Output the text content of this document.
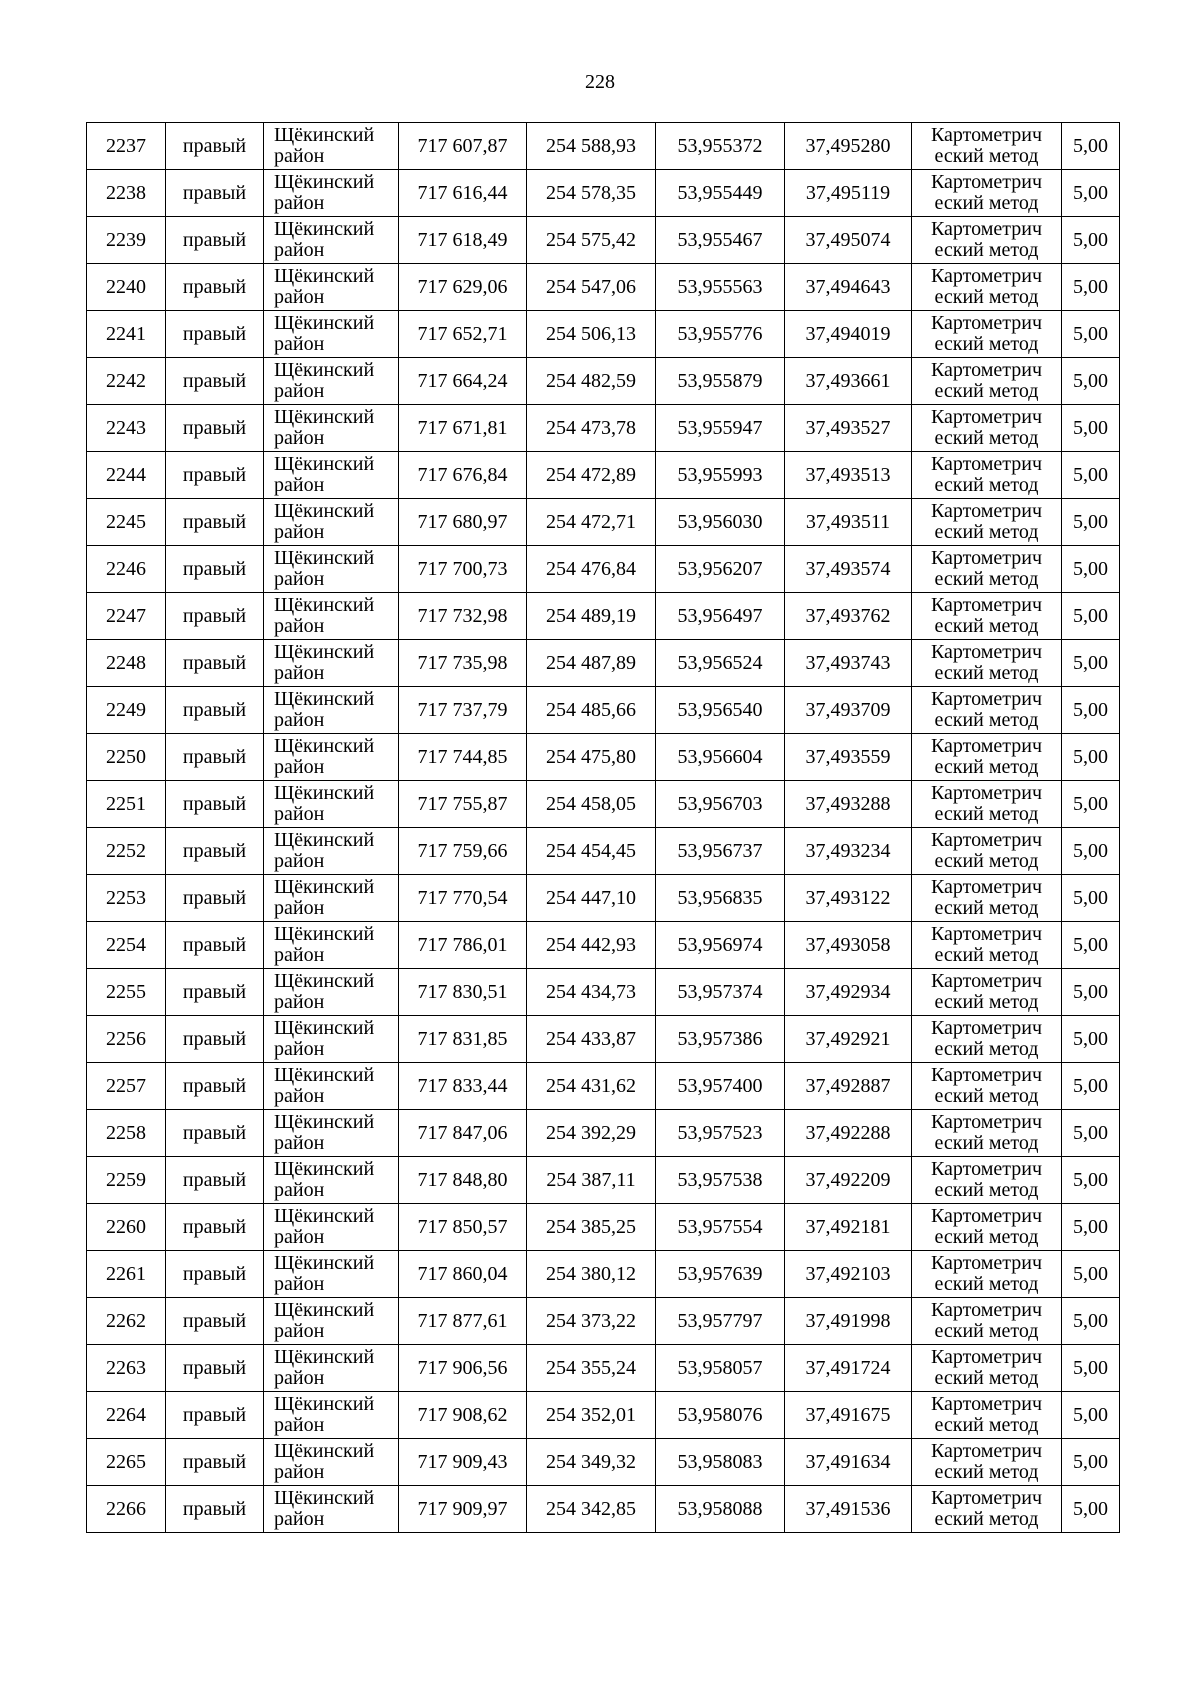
228
2237	правый	Щёкинский район	717 607,87	254 588,93	53,955372	37,495280	Картометрич еский метод	5,00
2238	правый	Щёкинский район	717 616,44	254 578,35	53,955449	37,495119	Картометрич еский метод	5,00
2239	правый	Щёкинский район	717 618,49	254 575,42	53,955467	37,495074	Картометрич еский метод	5,00
2240	правый	Щёкинский район	717 629,06	254 547,06	53,955563	37,494643	Картометрич еский метод	5,00
2241	правый	Щёкинский район	717 652,71	254 506,13	53,955776	37,494019	Картометрич еский метод	5,00
2242	правый	Щёкинский район	717 664,24	254 482,59	53,955879	37,493661	Картометрич еский метод	5,00
2243	правый	Щёкинский район	717 671,81	254 473,78	53,955947	37,493527	Картометрич еский метод	5,00
2244	правый	Щёкинский район	717 676,84	254 472,89	53,955993	37,493513	Картометрич еский метод	5,00
2245	правый	Щёкинский район	717 680,97	254 472,71	53,956030	37,493511	Картометрич еский метод	5,00
2246	правый	Щёкинский район	717 700,73	254 476,84	53,956207	37,493574	Картометрич еский метод	5,00
2247	правый	Щёкинский район	717 732,98	254 489,19	53,956497	37,493762	Картометрич еский метод	5,00
2248	правый	Щёкинский район	717 735,98	254 487,89	53,956524	37,493743	Картометрич еский метод	5,00
2249	правый	Щёкинский район	717 737,79	254 485,66	53,956540	37,493709	Картометрич еский метод	5,00
2250	правый	Щёкинский район	717 744,85	254 475,80	53,956604	37,493559	Картометрич еский метод	5,00
2251	правый	Щёкинский район	717 755,87	254 458,05	53,956703	37,493288	Картометрич еский метод	5,00
2252	правый	Щёкинский район	717 759,66	254 454,45	53,956737	37,493234	Картометрич еский метод	5,00
2253	правый	Щёкинский район	717 770,54	254 447,10	53,956835	37,493122	Картометрич еский метод	5,00
2254	правый	Щёкинский район	717 786,01	254 442,93	53,956974	37,493058	Картометрич еский метод	5,00
2255	правый	Щёкинский район	717 830,51	254 434,73	53,957374	37,492934	Картометрич еский метод	5,00
2256	правый	Щёкинский район	717 831,85	254 433,87	53,957386	37,492921	Картометрич еский метод	5,00
2257	правый	Щёкинский район	717 833,44	254 431,62	53,957400	37,492887	Картометрич еский метод	5,00
2258	правый	Щёкинский район	717 847,06	254 392,29	53,957523	37,492288	Картометрич еский метод	5,00
2259	правый	Щёкинский район	717 848,80	254 387,11	53,957538	37,492209	Картометрич еский метод	5,00
2260	правый	Щёкинский район	717 850,57	254 385,25	53,957554	37,492181	Картометрич еский метод	5,00
2261	правый	Щёкинский район	717 860,04	254 380,12	53,957639	37,492103	Картометрич еский метод	5,00
2262	правый	Щёкинский район	717 877,61	254 373,22	53,957797	37,491998	Картометрич еский метод	5,00
2263	правый	Щёкинский район	717 906,56	254 355,24	53,958057	37,491724	Картометрич еский метод	5,00
2264	правый	Щёкинский район	717 908,62	254 352,01	53,958076	37,491675	Картометрич еский метод	5,00
2265	правый	Щёкинский район	717 909,43	254 349,32	53,958083	37,491634	Картометрич еский метод	5,00
2266	правый	Щёкинский район	717 909,97	254 342,85	53,958088	37,491536	Картометрич еский метод	5,00
